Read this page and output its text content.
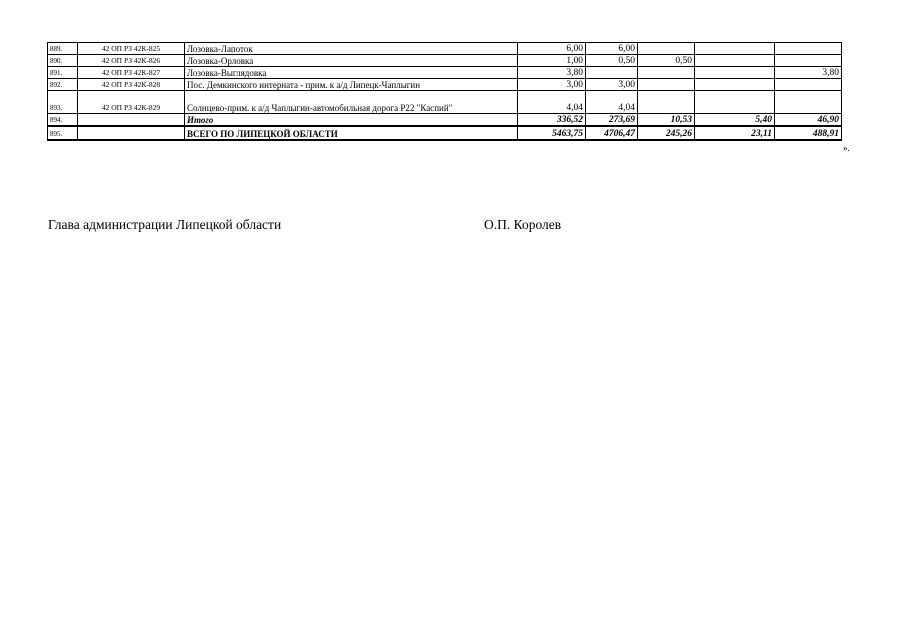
889.	42 ОП РЗ 42К-825	Лозовка-Лапоток	6,00	6,00			
890.	42 ОП РЗ 42К-826	Лозовка-Орловка	1,00	0,50	0,50		
891.	42 ОП РЗ 42К-827	Лозовка-Выглядовка	3,80				3,80
892.	42 ОП РЗ 42К-828	Пос. Демкинского интерната - прим. к а/д Липецк-Чаплыгин	3,00	3,00			
893.	42 ОП РЗ 42К-829	Солнцево-прим. к а/д Чаплыгин-автомобильная дорога Р22 "Каспий"	4,04	4,04			
894.		Итого	336,52	273,69	10,53	5,40	46,90
895.		ВСЕГО ПО ЛИПЕЦКОЙ ОБЛАСТИ	5463,75	4706,47	245,26	23,11	488,91
».
Глава администрации Липецкой области	О.П. Королев
